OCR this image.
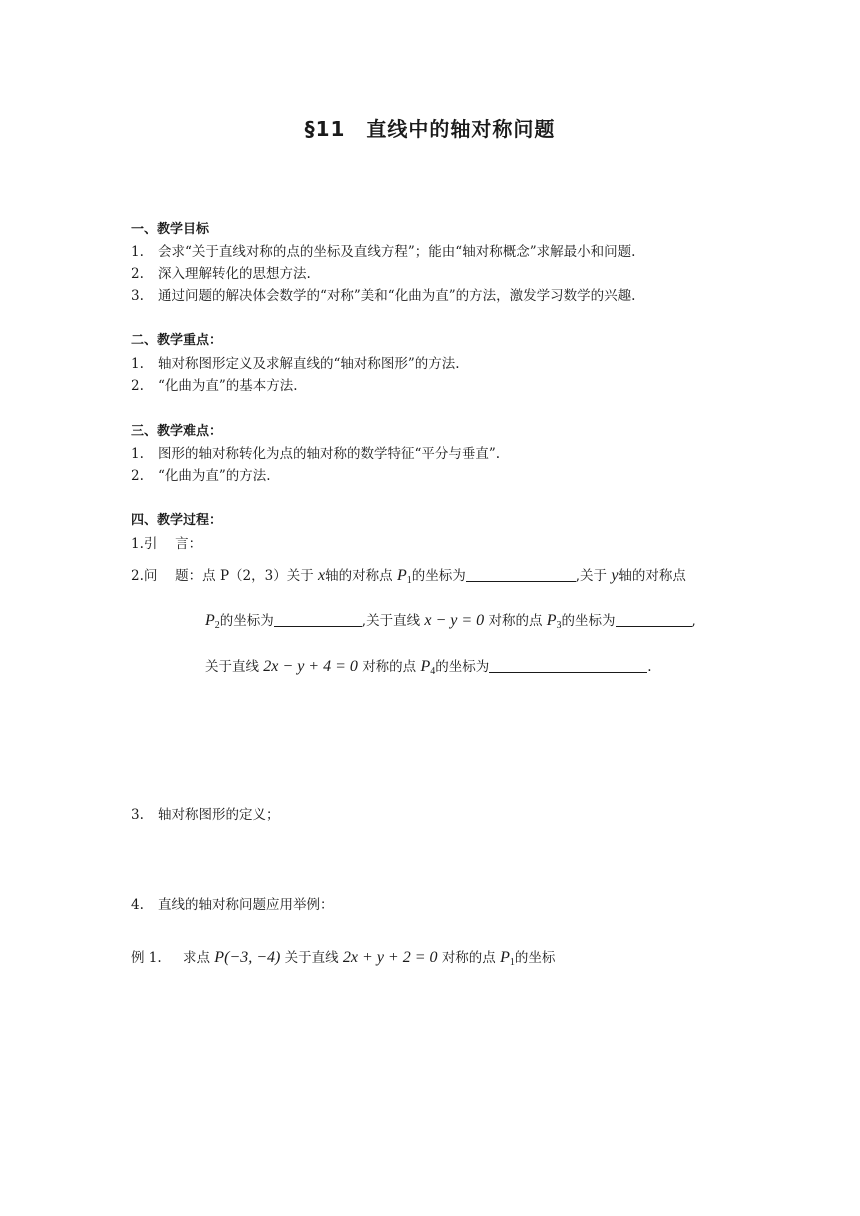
§11　直线中的轴对称问题
一、教学目标
1. 会求“关于直线对称的点的坐标及直线方程”；能由“轴对称概念”求解最小和问题.
2. 深入理解转化的思想方法.
3. 通过问题的解决体会数学的“对称”美和“化曲为直”的方法，激发学习数学的兴趣.
二、教学重点：
1. 轴对称图形定义及求解直线的“轴对称图形”的方法.
2. “化曲为直”的基本方法.
三、教学难点：
1. 图形的轴对称转化为点的轴对称的数学特征“平分与垂直”.
2. “化曲为直”的方法.
四、教学过程：
1.引　 言：
2.问　 题：点 P（2，3）关于 x轴的对称点 $P_1$的坐标为	,关于 y轴的对称点
$P_2$的坐标为	,关于直线 x − y = 0 对称的点 $P_3$的坐标为	,
关于直线 2x − y + 4 = 0 对称的点 $P_4$的坐标为	.
3. 轴对称图形的定义；
4. 直线的轴对称问题应用举例：
例 1. 求点 P(−3, −4) 关于直线 2x + y + 2 = 0 对称的点 $P_1$的坐标
